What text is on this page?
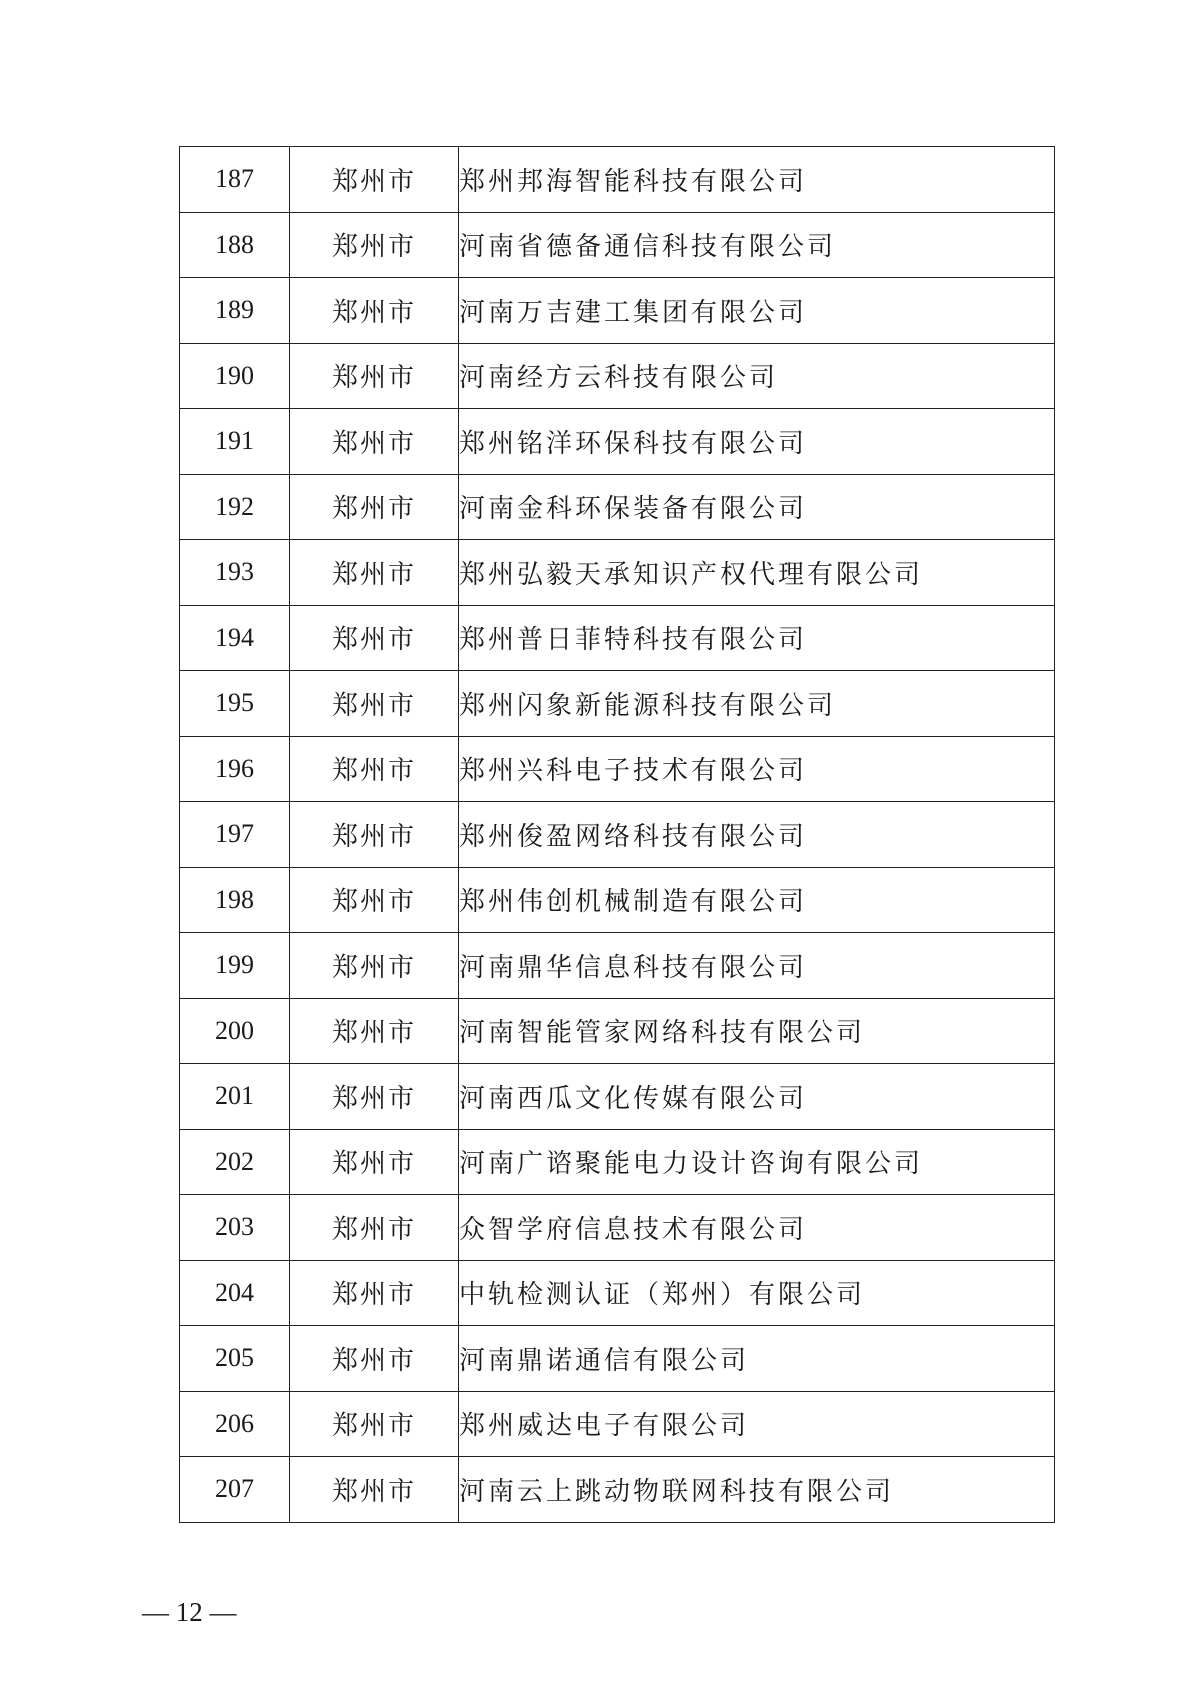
187	郑州市	郑州邦海智能科技有限公司
188	郑州市	河南省德备通信科技有限公司
189	郑州市	河南万吉建工集团有限公司
190	郑州市	河南经方云科技有限公司
191	郑州市	郑州铭洋环保科技有限公司
192	郑州市	河南金科环保装备有限公司
193	郑州市	郑州弘毅天承知识产权代理有限公司
194	郑州市	郑州普日菲特科技有限公司
195	郑州市	郑州闪象新能源科技有限公司
196	郑州市	郑州兴科电子技术有限公司
197	郑州市	郑州俊盈网络科技有限公司
198	郑州市	郑州伟创机械制造有限公司
199	郑州市	河南鼎华信息科技有限公司
200	郑州市	河南智能管家网络科技有限公司
201	郑州市	河南西瓜文化传媒有限公司
202	郑州市	河南广谘聚能电力设计咨询有限公司
203	郑州市	众智学府信息技术有限公司
204	郑州市	中轨检测认证（郑州）有限公司
205	郑州市	河南鼎诺通信有限公司
206	郑州市	郑州威达电子有限公司
207	郑州市	河南云上跳动物联网科技有限公司
— 12 —
